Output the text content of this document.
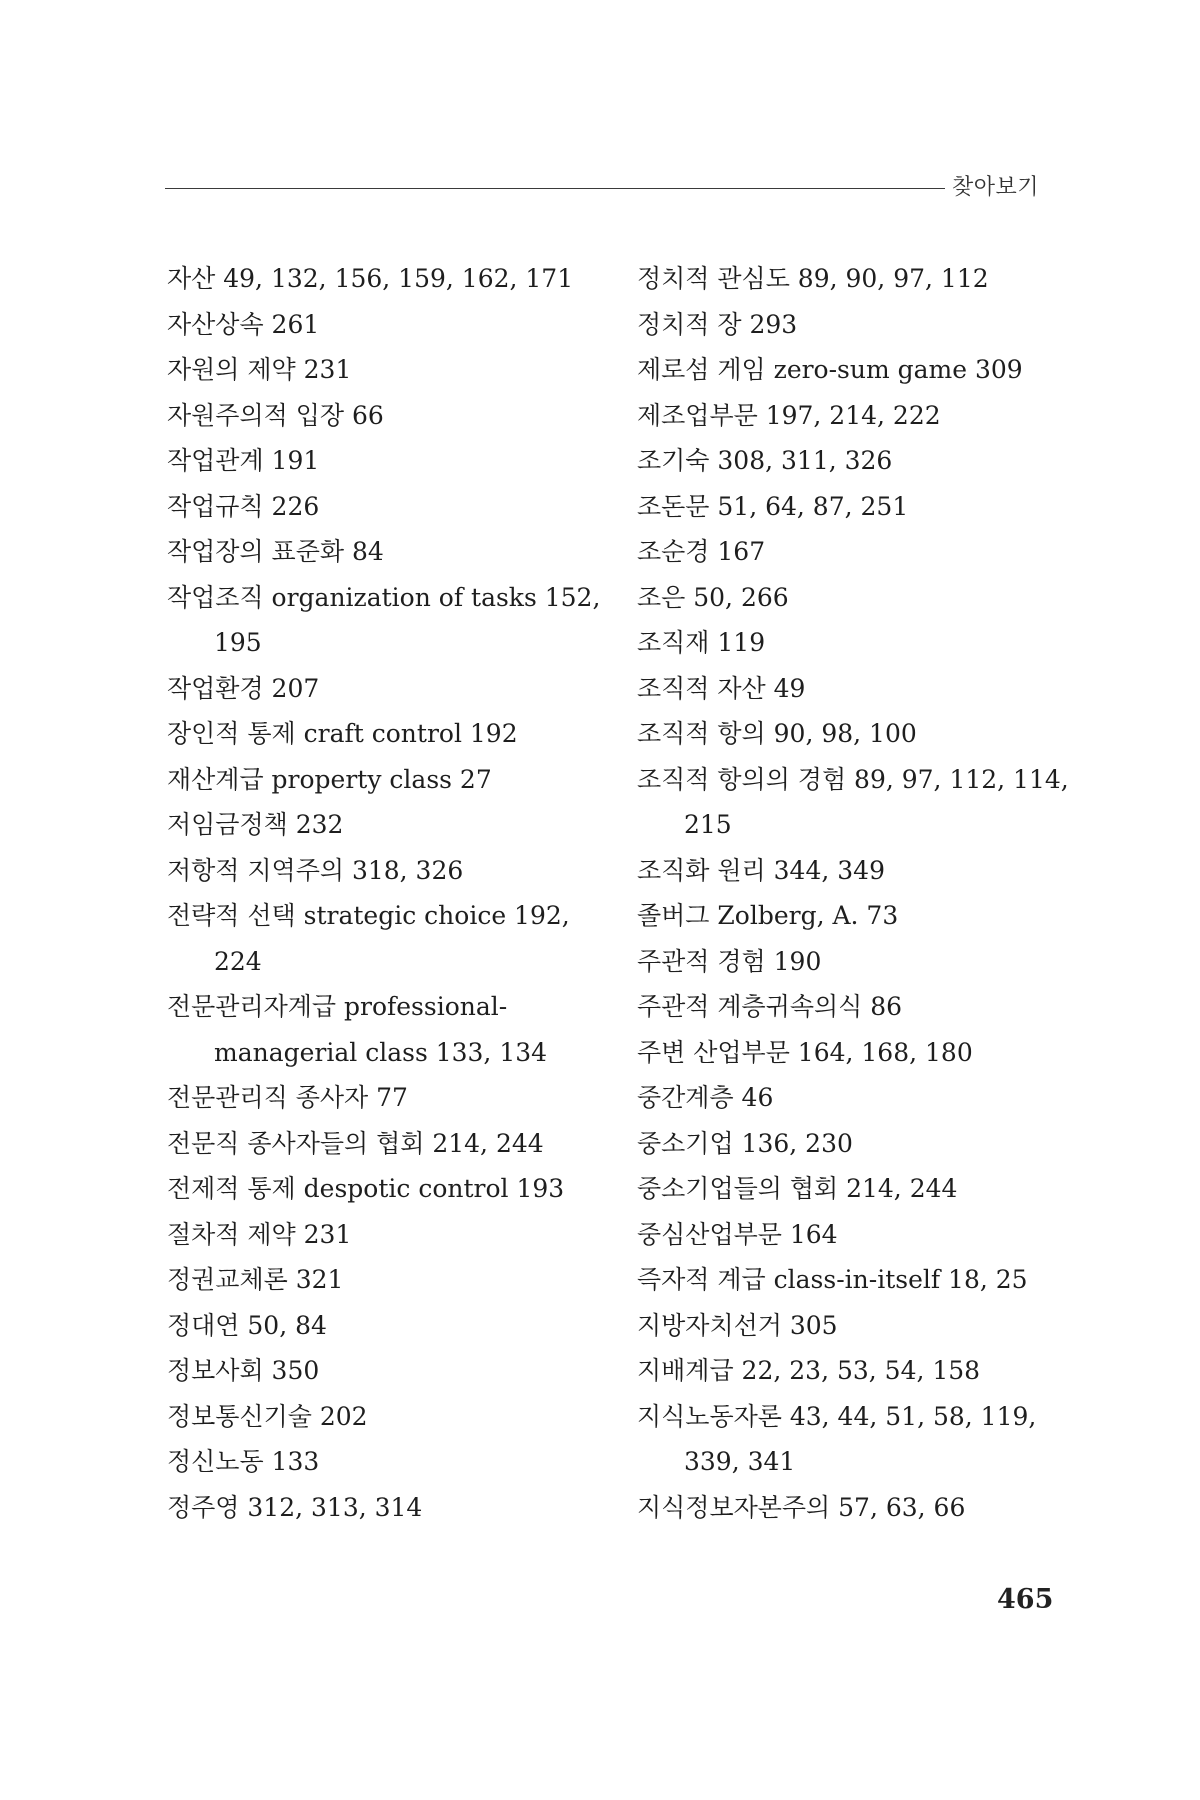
찾아보기
자산 49, 132, 156, 159, 162, 171
자산상속 261
자원의 제약 231
자원주의적 입장 66
작업관계 191
작업규칙 226
작업장의 표준화 84
작업조직 organization of tasks 152,
195
작업환경 207
장인적 통제 craft control 192
재산계급 property class 27
저임금정책 232
저항적 지역주의 318, 326
전략적 선택 strategic choice 192,
224
전문관리자계급 professional-
managerial class 133, 134
전문관리직 종사자 77
전문직 종사자들의 협회 214, 244
전제적 통제 despotic control 193
절차적 제약 231
정권교체론 321
정대연 50, 84
정보사회 350
정보통신기술 202
정신노동 133
정주영 312, 313, 314
정치적 관심도 89, 90, 97, 112
정치적 장 293
제로섬 게임 zero-sum game 309
제조업부문 197, 214, 222
조기숙 308, 311, 326
조돈문 51, 64, 87, 251
조순경 167
조은 50, 266
조직재 119
조직적 자산 49
조직적 항의 90, 98, 100
조직적 항의의 경험 89, 97, 112, 114,
215
조직화 원리 344, 349
졸버그 Zolberg, A. 73
주관적 경험 190
주관적 계층귀속의식 86
주변 산업부문 164, 168, 180
중간계층 46
중소기업 136, 230
중소기업들의 협회 214, 244
중심산업부문 164
즉자적 계급 class-in-itself 18, 25
지방자치선거 305
지배계급 22, 23, 53, 54, 158
지식노동자론 43, 44, 51, 58, 119,
339, 341
지식정보자본주의 57, 63, 66
465
